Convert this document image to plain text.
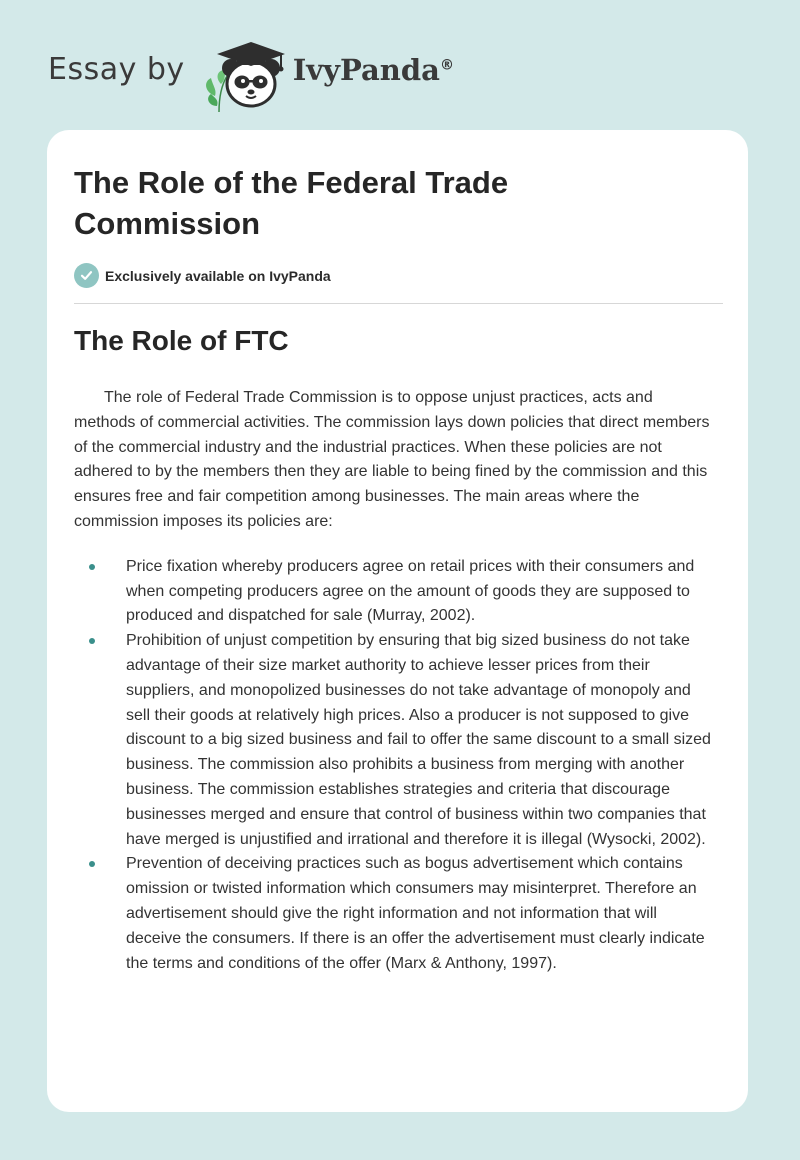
Essay by	IvyPanda®
The Role of the Federal Trade Commission
Exclusively available on IvyPanda
The Role of FTC

The role of Federal Trade Commission is to oppose unjust practices, acts and methods of commercial activities. The commission lays down policies that direct members of the commercial industry and the industrial practices. When these policies are not adhered to by the members then they are liable to being fined by the commission and this ensures free and fair competition among businesses. The main areas where the commission imposes its policies are:

Price fixation whereby producers agree on retail prices with their consumers and when competing producers agree on the amount of goods they are supposed to produced and dispatched for sale (Murray, 2002).
Prohibition of unjust competition by ensuring that big sized business do not take advantage of their size market authority to achieve lesser prices from their suppliers, and monopolized businesses do not take advantage of monopoly and sell their goods at relatively high prices. Also a producer is not supposed to give discount to a big sized business and fail to offer the same discount to a small sized business. The commission also prohibits a business from merging with another business. The commission establishes strategies and criteria that discourage businesses merged and ensure that control of business within two companies that have merged is unjustified and irrational and therefore it is illegal (Wysocki, 2002).
Prevention of deceiving practices such as bogus advertisement which contains omission or twisted information which consumers may misinterpret. Therefore an advertisement should give the right information and not information that will deceive the consumers. If there is an offer the advertisement must clearly indicate the terms and conditions of the offer (Marx & Anthony, 1997).
